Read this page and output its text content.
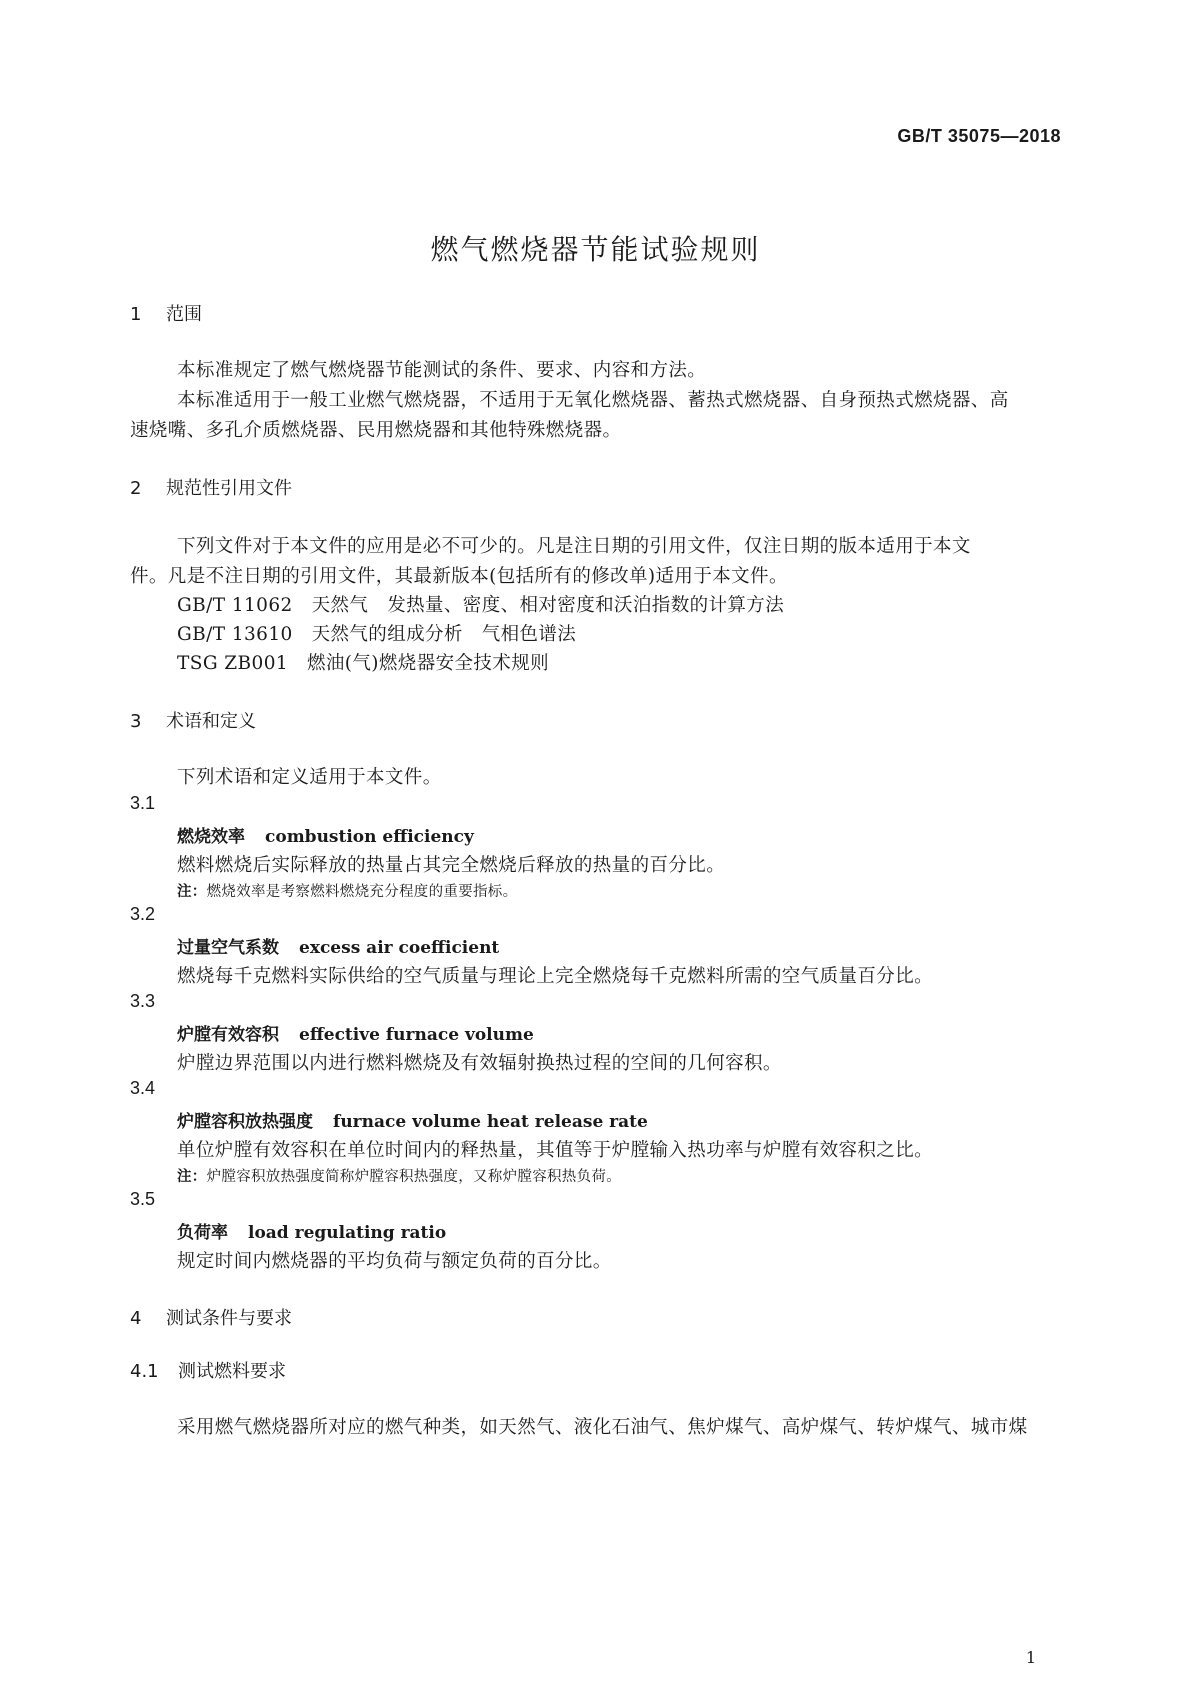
GB/T 35075—2018
燃气燃烧器节能试验规则
1 范围
本标准规定了燃气燃烧器节能测试的条件、要求、内容和方法。
本标准适用于一般工业燃气燃烧器，不适用于无氧化燃烧器、蓄热式燃烧器、自身预热式燃烧器、高
速烧嘴、多孔介质燃烧器、民用燃烧器和其他特殊燃烧器。
2 规范性引用文件
下列文件对于本文件的应用是必不可少的。凡是注日期的引用文件，仅注日期的版本适用于本文
件。凡是不注日期的引用文件，其最新版本(包括所有的修改单)适用于本文件。
GB/T 11062　 天然气　发热量、密度、相对密度和沃泊指数的计算方法
GB/T 13610　 天然气的组成分析　气相色谱法
TSG ZB001　 燃油(气)燃烧器安全技术规则
3 术语和定义
下列术语和定义适用于本文件。
3.1
燃烧效率 combustion efficiency
燃料燃烧后实际释放的热量占其完全燃烧后释放的热量的百分比。
注：燃烧效率是考察燃料燃烧充分程度的重要指标。
3.2
过量空气系数 excess air coefficient
燃烧每千克燃料实际供给的空气质量与理论上完全燃烧每千克燃料所需的空气质量百分比。
3.3
炉膛有效容积 effective furnace volume
炉膛边界范围以内进行燃料燃烧及有效辐射换热过程的空间的几何容积。
3.4
炉膛容积放热强度 furnace volume heat release rate
单位炉膛有效容积在单位时间内的释热量，其值等于炉膛输入热功率与炉膛有效容积之比。
注：炉膛容积放热强度简称炉膛容积热强度，又称炉膛容积热负荷。
3.5
负荷率 load regulating ratio
规定时间内燃烧器的平均负荷与额定负荷的百分比。
4 测试条件与要求
4.1 测试燃料要求
采用燃气燃烧器所对应的燃气种类，如天然气、液化石油气、焦炉煤气、高炉煤气、转炉煤气、城市煤
1
